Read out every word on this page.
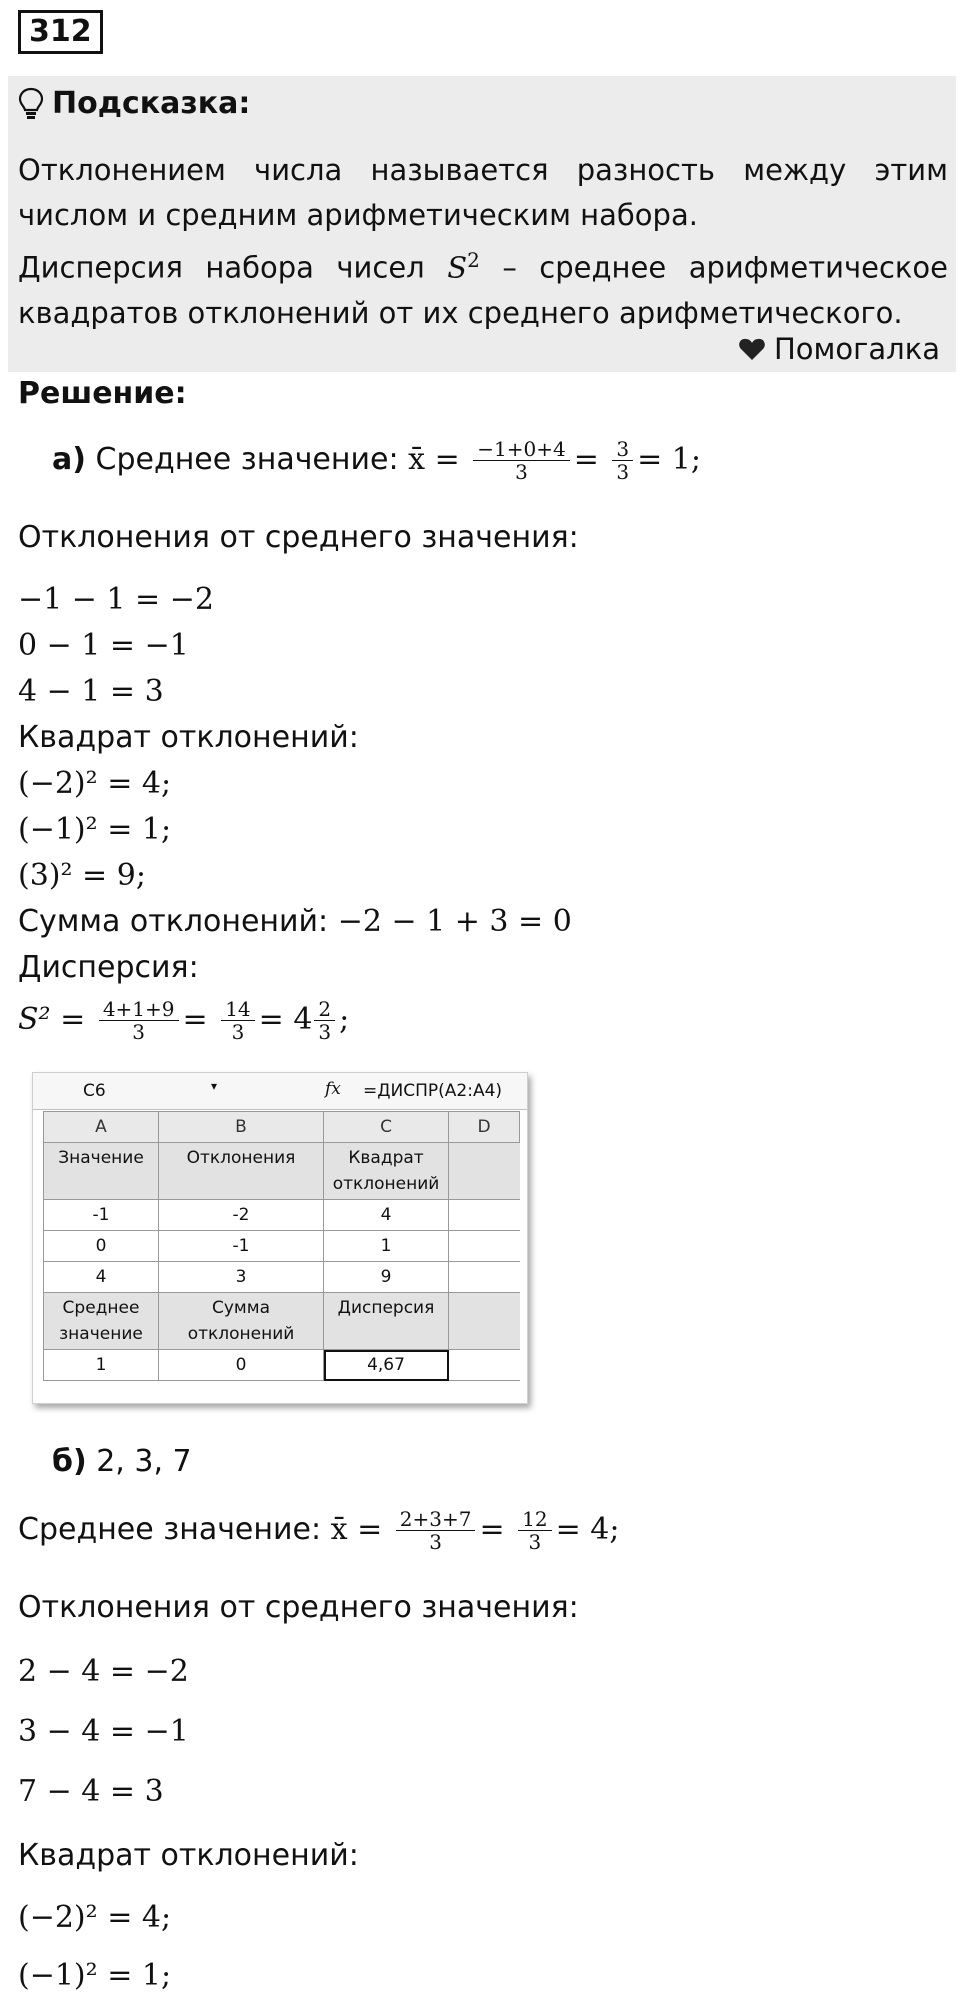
312
Подсказка:
Отклонением числа называется разность между этим числом и средним арифметическим набора.
Дисперсия набора чисел $S^2$ – среднее арифметическое квадратов отклонений от их среднего арифметического.
Помогалка
Решение:
а) Среднее значение: x̄ = $\frac{-1+0+4}{3} = \frac{3}{3} = 1$;
Отклонения от среднего значения:
−1 − 1 = −2
0 − 1 = −1
4 − 1 = 3
Квадрат отклонений:
(−2)² = 4;
(−1)² = 1;
(3)² = 9;
Сумма отклонений: −2 − 1 + 3 = 0
Дисперсия:
$S^2 = \frac{4+1+9}{3} = \frac{14}{3} = 4 \frac{2}{3}$ ;
C6	▾	fx =ДИСПР(A2:A4)
A	B	C	D
Значение	Отклонения	Квадрат отклонений	
-1	-2	4	
0	-1	1	
4	3	9	
Среднее значение	Сумма отклонений	Дисперсия	
1	0	4,67	
б) 2, 3, 7
Среднее значение: x̄ = $\frac{2+3+7}{3} = \frac{12}{3} = 4$;
Отклонения от среднего значения:
2 − 4 = −2
3 − 4 = −1
7 − 4 = 3
Квадрат отклонений:
(−2)² = 4;
(−1)² = 1;
